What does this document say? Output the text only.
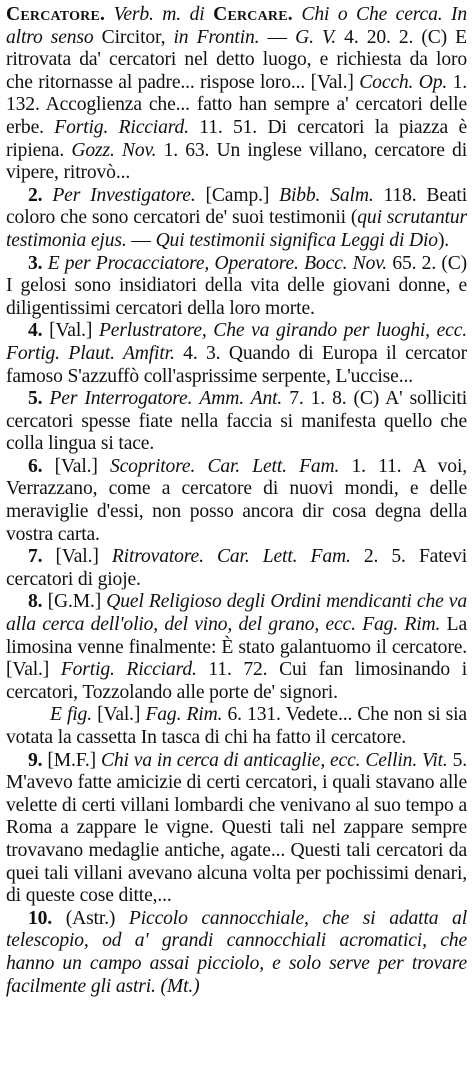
Cercatore. Verb. m. di Cercare. Chi o Che cerca. In altro senso Circitor, in Frontin. — G. V. 4. 20. 2. (C) E ritrovata da' cercatori nel detto luogo, e richiesta da loro che ritornasse al padre... rispose loro... [Val.] Cocch. Op. 1. 132. Accoglienza che... fatto han sempre a' cercatori delle erbe. Fortig. Ricciard. 11. 51. Di cercatori la piazza è ripiena. Gozz. Nov. 1. 63. Un inglese villano, cercatore di vipere, ritrovò...

2. Per Investigatore. [Camp.] Bibb. Salm. 118. Beati coloro che sono cercatori de' suoi testimonii (qui scrutantur testimonia ejus. — Qui testimonii significa Leggi di Dio).

3. E per Procacciatore, Operatore. Bocc. Nov. 65. 2. (C) I gelosi sono insidiatori della vita delle giovani donne, e diligentissimi cercatori della loro morte.

4. [Val.] Perlustratore, Che va girando per luoghi, ecc. Fortig. Plaut. Amfitr. 4. 3. Quando di Europa il cercator famoso S'azzuffò coll'asprissime serpente, L'uccise...

5. Per Interrogatore. Amm. Ant. 7. 1. 8. (C) A' solliciti cercatori spesse fiate nella faccia si manifesta quello che colla lingua si tace.

6. [Val.] Scopritore. Car. Lett. Fam. 1. 11. A voi, Verrazzano, come a cercatore di nuovi mondi, e delle meraviglie d'essi, non posso ancora dir cosa degna della vostra carta.

7. [Val.] Ritrovatore. Car. Lett. Fam. 2. 5. Fatevi cercatori di gioje.

8. [G.M.] Quel Religioso degli Ordini mendicanti che va alla cerca dell'olio, del vino, del grano, ecc. Fag. Rim. La limosina venne finalmente: È stato galantuomo il cercatore. [Val.] Fortig. Ricciard. 11. 72. Cui fan limosinando i cercatori, Tozzolando alle porte de' signori.

E fig. [Val.] Fag. Rim. 6. 131. Vedete... Che non si sia votata la cassetta In tasca di chi ha fatto il cercatore.

9. [M.F.] Chi va in cerca di anticaglie, ecc. Cellin. Vit. 5. M'avevo fatte amicizie di certi cercatori, i quali stavano alle velette di certi villani lombardi che venivano al suo tempo a Roma a zappare le vigne. Questi tali nel zappare sempre trovavano medaglie antiche, agate... Questi tali cercatori da quei tali villani avevano alcuna volta per pochissimi denari, di queste cose ditte,...

10. (Astr.) Piccolo cannocchiale, che si adatta al telescopio, od a' grandi cannocchiali acromatici, che hanno un campo assai picciolo, e solo serve per trovare facilmente gli astri. (Mt.)
